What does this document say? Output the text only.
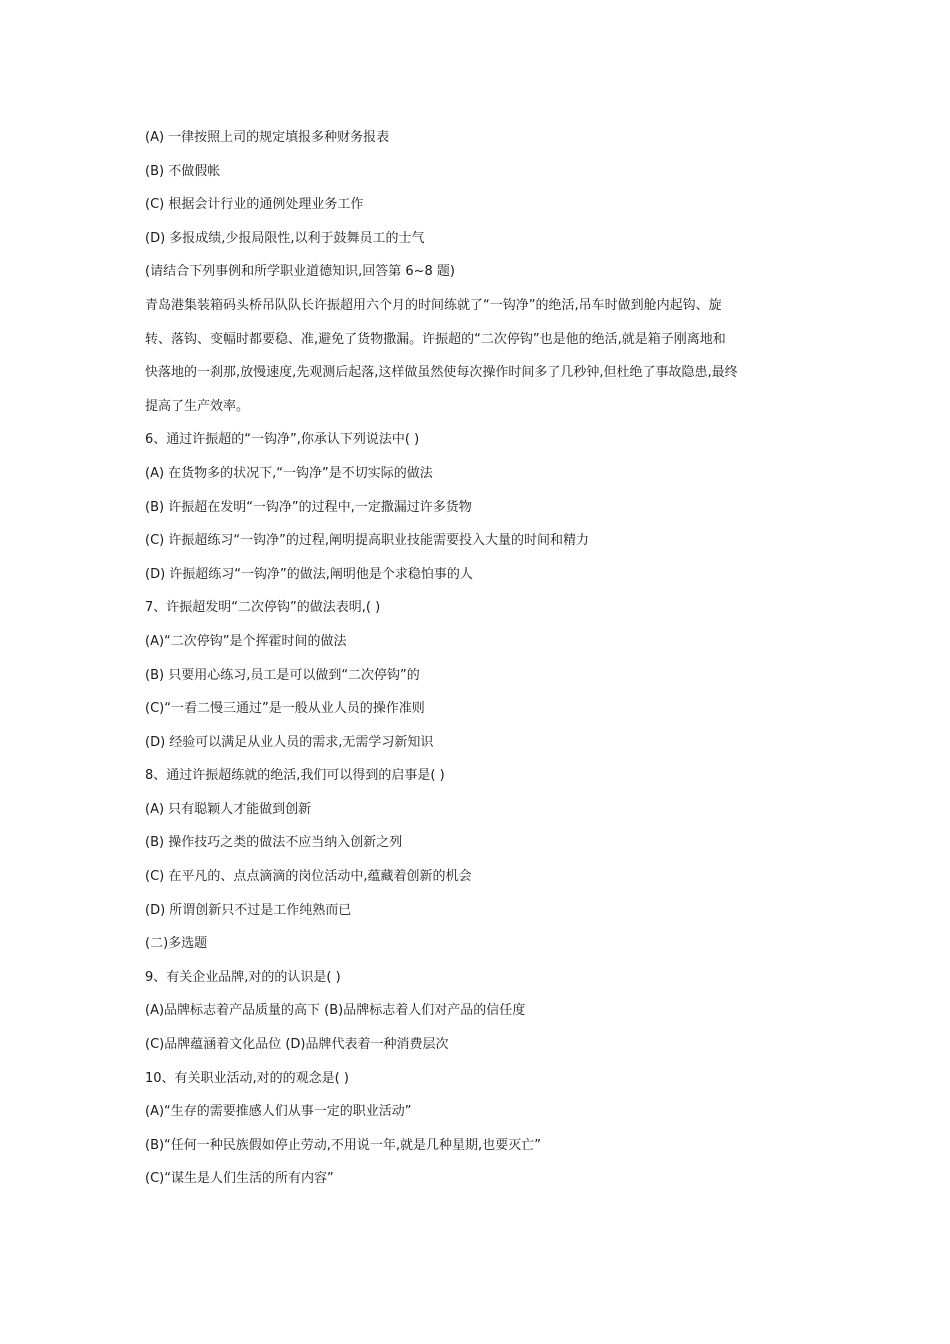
(A) 一律按照上司的规定填报多种财务报表
(B) 不做假帐
(C) 根据会计行业的通例处理业务工作
(D) 多报成绩,少报局限性,以利于鼓舞员工的士气
(请结合下列事例和所学职业道德知识,回答第 6~8 题)
青岛港集装箱码头桥吊队队长许振超用六个月的时间练就了“一钩净”的绝活,吊车时做到舱内起钩、旋
转、落钩、变幅时都要稳、准,避免了货物撒漏。许振超的“二次停钩”也是他的绝活,就是箱子刚离地和
快落地的一刹那,放慢速度,先观测后起落,这样做虽然使每次操作时间多了几秒钟,但杜绝了事故隐患,最终
提高了生产效率。
6、通过许振超的“一钩净”,你承认下列说法中( )
(A) 在货物多的状况下,“一钩净”是不切实际的做法
(B) 许振超在发明“一钩净”的过程中,一定撒漏过许多货物
(C) 许振超练习“一钩净”的过程,阐明提高职业技能需要投入大量的时间和精力
(D) 许振超练习“一钩净”的做法,阐明他是个求稳怕事的人
7、许振超发明“二次停钩”的做法表明,( )
(A)“二次停钩”是个挥霍时间的做法
(B) 只要用心练习,员工是可以做到“二次停钩”的
(C)“一看二慢三通过”是一般从业人员的操作准则
(D) 经验可以满足从业人员的需求,无需学习新知识
8、通过许振超练就的绝活,我们可以得到的启事是( )
(A) 只有聪颖人才能做到创新
(B) 操作技巧之类的做法不应当纳入创新之列
(C) 在平凡的、点点滴滴的岗位活动中,蕴藏着创新的机会
(D) 所谓创新只不过是工作纯熟而已
(二)多选题
9、有关企业品牌,对的的认识是( )
(A)品牌标志着产品质量的高下 (B)品牌标志着人们对产品的信任度
(C)品牌蕴涵着文化品位 (D)品牌代表着一种消费层次
10、有关职业活动,对的的观念是( )
(A)“生存的需要推感人们从事一定的职业活动”
(B)“任何一种民族假如停止劳动,不用说一年,就是几种星期,也要灭亡”
(C)“谋生是人们生活的所有内容”
